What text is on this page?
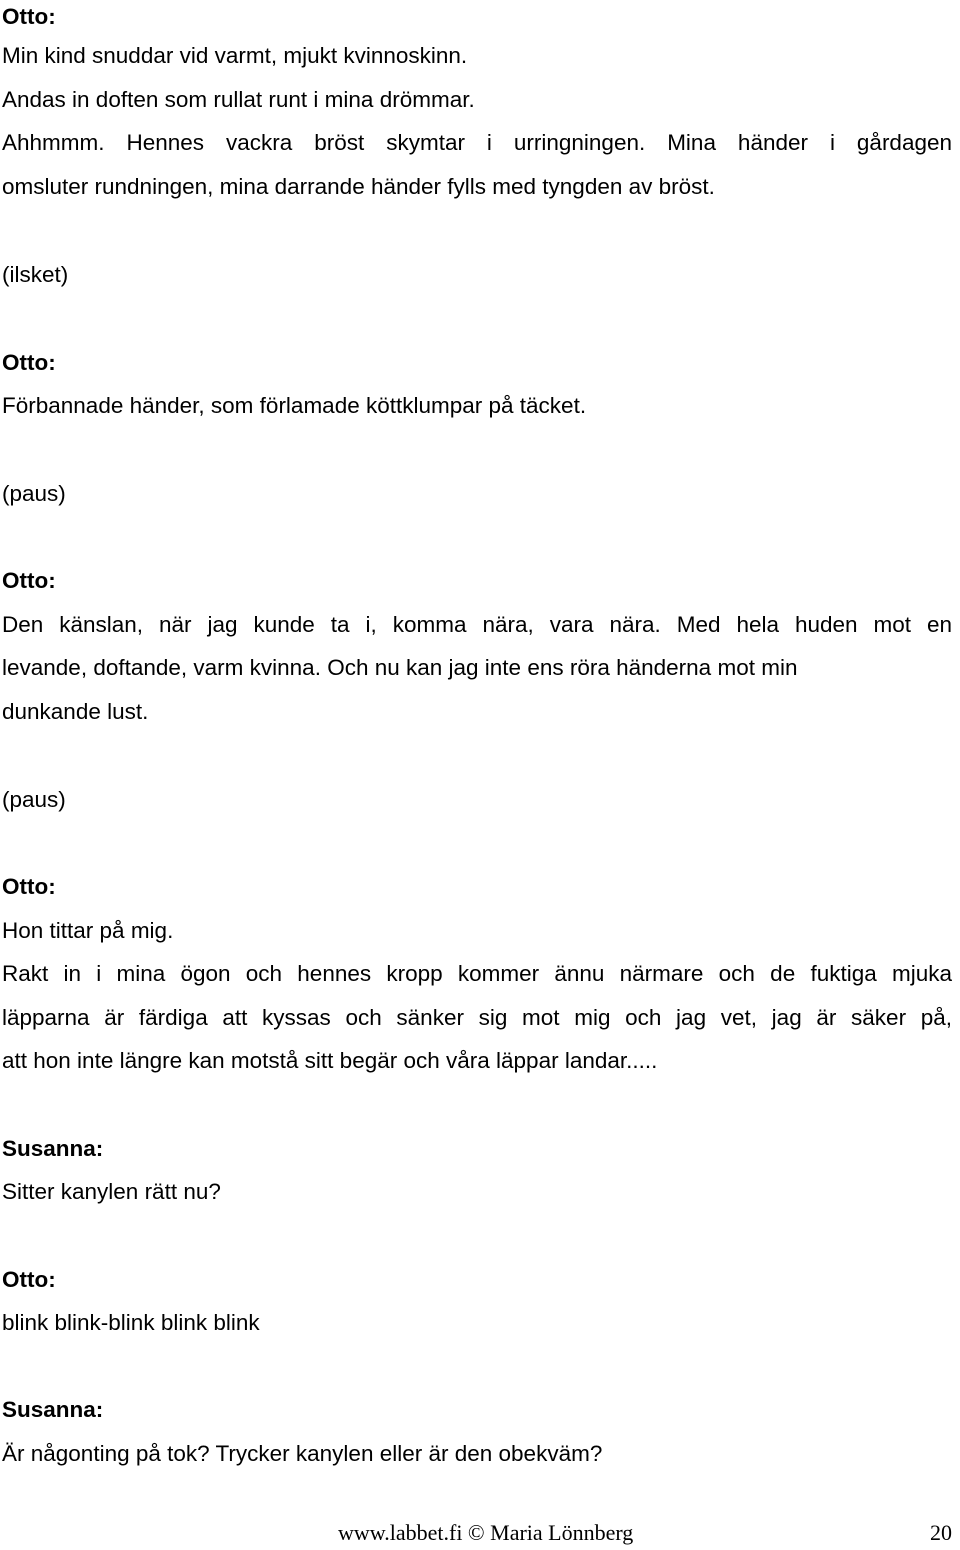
Otto:
Min kind snuddar vid varmt, mjukt kvinnoskinn.
Andas in doften som rullat runt i mina drömmar.
Ahhmmm. Hennes vackra bröst skymtar i urringningen. Mina händer i gårdagen
omsluter rundningen, mina darrande händer fylls med tyngden av bröst.
(ilsket)
Otto:
Förbannade händer, som förlamade köttklumpar på täcket.
(paus)
Otto:
Den känslan, när jag kunde ta i, komma nära, vara nära. Med hela huden mot en
levande, doftande, varm kvinna. Och nu kan jag inte ens röra händerna mot min
dunkande lust.
(paus)
Otto:
Hon tittar på mig.
Rakt in i mina ögon och hennes kropp kommer ännu närmare och de fuktiga mjuka
läpparna är färdiga att kyssas och sänker sig mot mig och jag vet, jag är säker på,
att hon inte längre kan motstå sitt begär och våra läppar landar.....
Susanna:
Sitter kanylen rätt nu?
Otto:
blink blink-blink blink blink
Susanna:
Är någonting på tok? Trycker kanylen eller är den obekväm?
www.labbet.fi © Maria Lönnberg	20
